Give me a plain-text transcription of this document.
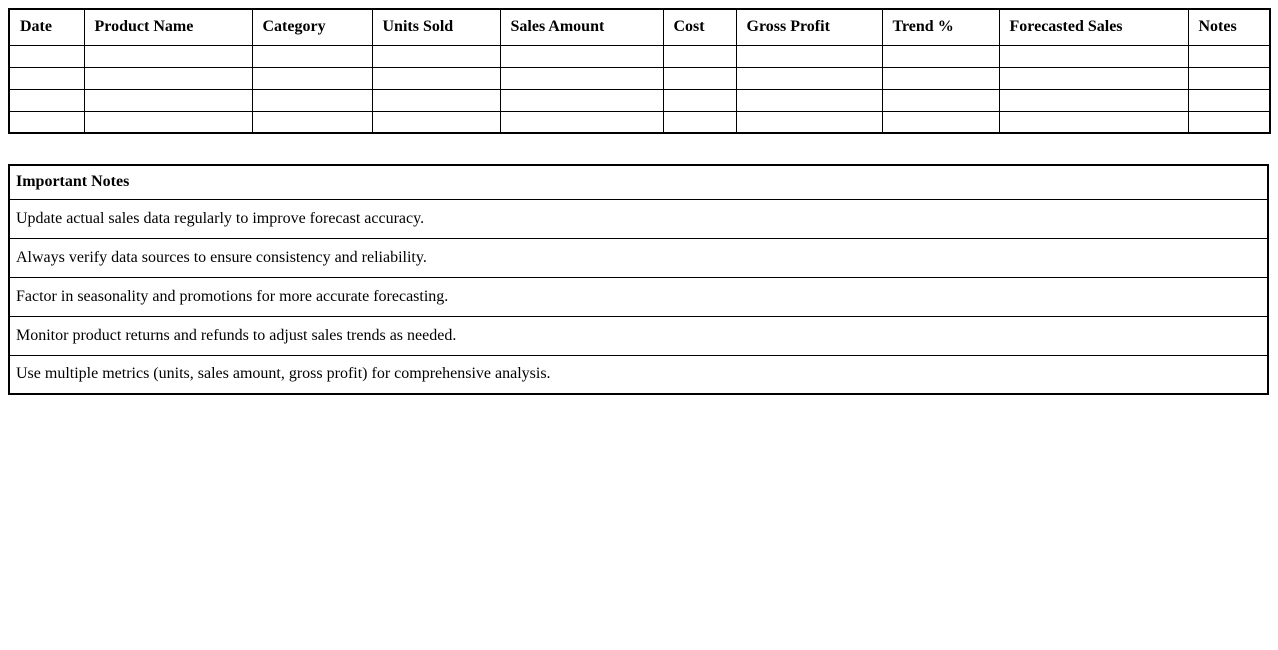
Date	Product Name	Category	Units Sold	Sales Amount	Cost	Gross Profit	Trend %	Forecasted Sales	Notes

Important Notes
Update actual sales data regularly to improve forecast accuracy.
Always verify data sources to ensure consistency and reliability.
Factor in seasonality and promotions for more accurate forecasting.
Monitor product returns and refunds to adjust sales trends as needed.
Use multiple metrics (units, sales amount, gross profit) for comprehensive analysis.
